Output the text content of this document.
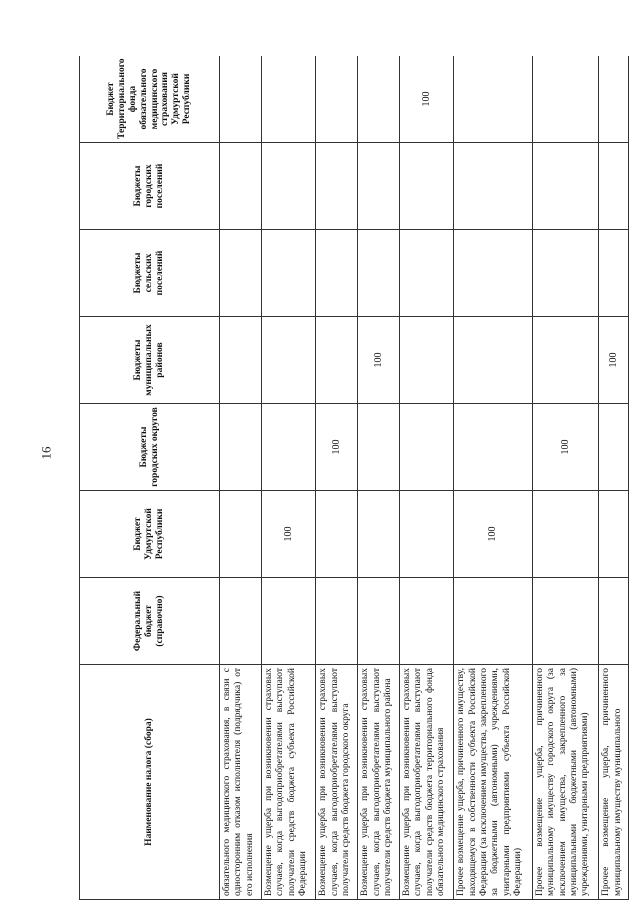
16
Наименование налога (сбора)	Федеральный бюджет (справочно)	Бюджет Удмуртской Республики	Бюджеты городских округов	Бюджеты муниципальных районов	Бюджеты сельских поселений	Бюджеты городских поселений	Бюджет Территориального фонда обязательного медицинского страхования Удмуртской Республики
обязательного медицинского страхования, в связи с односторонним отказом исполнителя (подрядчика) от его исполнения							
Возмещение ущерба при возникновении страховых случаев, когда выгодоприобретателями выступают получатели средств бюджета субъекта Российской Федерации		100					
Возмещение ущерба при возникновении страховых случаев, когда выгодоприобретателями выступают получатели средств бюджета городского округа			100				
Возмещение ущерба при возникновении страховых случаев, когда выгодоприобретателями выступают получатели средств бюджета муниципального района				100			
Возмещение ущерба при возникновении страховых случаев, когда выгодоприобретателями выступают получатели средств бюджета территориального фонда обязательного медицинского страхования							100
Прочее возмещение ущерба, причиненного имуществу, находящемуся в собственности субъекта Российской Федерации (за исключением имущества, закрепленного за бюджетными (автономными) учреждениями, унитарными предприятиями субъекта Российской Федерации)		100					
Прочее возмещение ущерба, причиненного муниципальному имуществу городского округа (за исключением имущества, закрепленного за муниципальными бюджетными (автономными) учреждениями, унитарными предприятиями)			100				
Прочее возмещение ущерба, причиненного муниципальному имуществу муниципального				100			
